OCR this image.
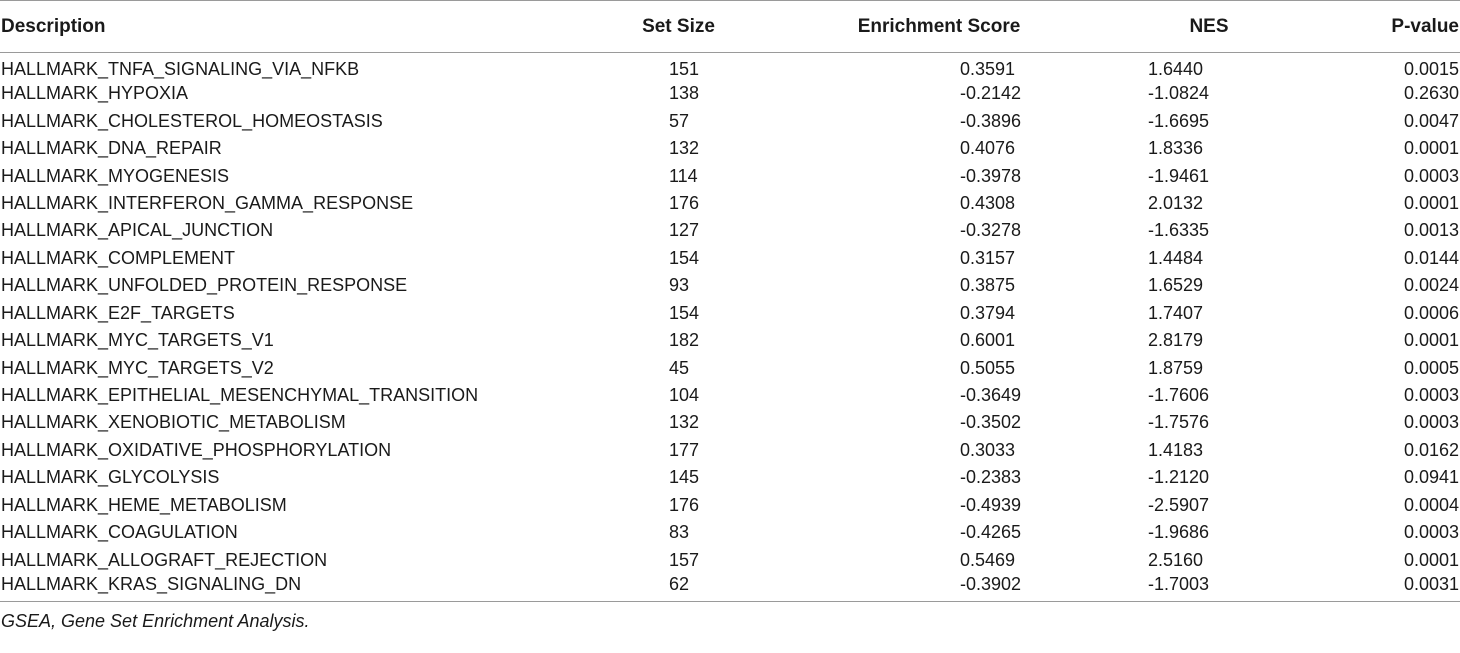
Description	Set Size	Enrichment Score	NES	P-value
HALLMARK_TNFA_SIGNALING_VIA_NFKB	151	0.3591	1.6440	0.0015
HALLMARK_HYPOXIA	138	-0.2142	-1.0824	0.2630
HALLMARK_CHOLESTEROL_HOMEOSTASIS	57	-0.3896	-1.6695	0.0047
HALLMARK_DNA_REPAIR	132	0.4076	1.8336	0.0001
HALLMARK_MYOGENESIS	114	-0.3978	-1.9461	0.0003
HALLMARK_INTERFERON_GAMMA_RESPONSE	176	0.4308	2.0132	0.0001
HALLMARK_APICAL_JUNCTION	127	-0.3278	-1.6335	0.0013
HALLMARK_COMPLEMENT	154	0.3157	1.4484	0.0144
HALLMARK_UNFOLDED_PROTEIN_RESPONSE	93	0.3875	1.6529	0.0024
HALLMARK_E2F_TARGETS	154	0.3794	1.7407	0.0006
HALLMARK_MYC_TARGETS_V1	182	0.6001	2.8179	0.0001
HALLMARK_MYC_TARGETS_V2	45	0.5055	1.8759	0.0005
HALLMARK_EPITHELIAL_MESENCHYMAL_TRANSITION	104	-0.3649	-1.7606	0.0003
HALLMARK_XENOBIOTIC_METABOLISM	132	-0.3502	-1.7576	0.0003
HALLMARK_OXIDATIVE_PHOSPHORYLATION	177	0.3033	1.4183	0.0162
HALLMARK_GLYCOLYSIS	145	-0.2383	-1.2120	0.0941
HALLMARK_HEME_METABOLISM	176	-0.4939	-2.5907	0.0004
HALLMARK_COAGULATION	83	-0.4265	-1.9686	0.0003
HALLMARK_ALLOGRAFT_REJECTION	157	0.5469	2.5160	0.0001
HALLMARK_KRAS_SIGNALING_DN	62	-0.3902	-1.7003	0.0031
GSEA, Gene Set Enrichment Analysis.
